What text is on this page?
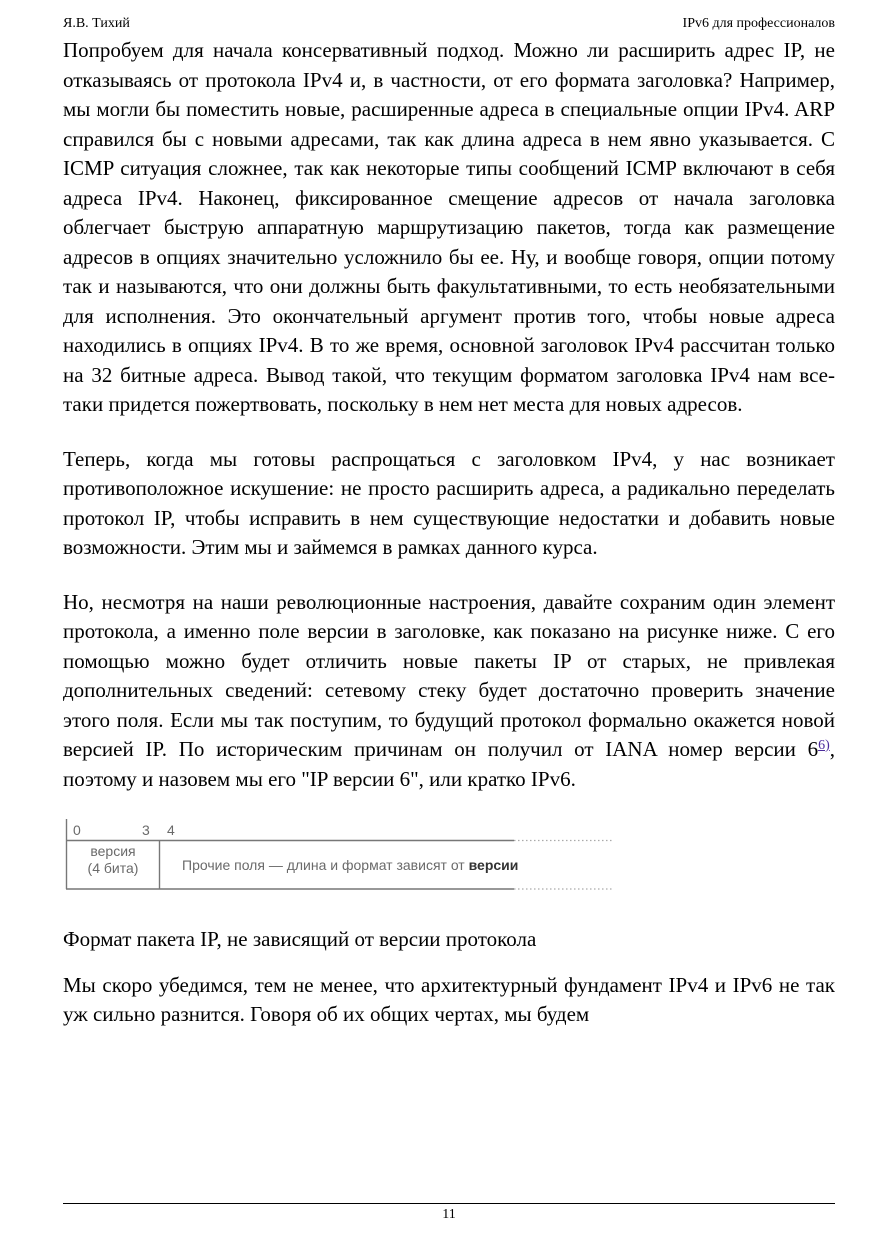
Я.В. Тихий	IPv6 для профессионалов

Попробуем для начала консервативный подход. Можно ли расширить адрес IP, не отказываясь от протокола IPv4 и, в частности, от его формата заголовка? Например, мы могли бы поместить новые, расширенные адреса в специальные опции IPv4. ARP справился бы с новыми адресами, так как длина адреса в нем явно указывается. С ICMP ситуация сложнее, так как некоторые типы сообщений ICMP включают в себя адреса IPv4. Наконец, фиксированное смещение адресов от начала заголовка облегчает быструю аппаратную маршрутизацию пакетов, тогда как размещение адресов в опциях значительно усложнило бы ее. Ну, и вообще говоря, опции потому так и называются, что они должны быть факультативными, то есть необязательными для исполнения. Это окончательный аргумент против того, чтобы новые адреса находились в опциях IPv4. В то же время, основной заголовок IPv4 рассчитан только на 32 битные адреса. Вывод такой, что текущим форматом заголовка IPv4 нам все-таки придется пожертвовать, поскольку в нем нет места для новых адресов.

Теперь, когда мы готовы распрощаться с заголовком IPv4, у нас возникает противоположное искушение: не просто расширить адреса, а радикально переделать протокол IP, чтобы исправить в нем существующие недостатки и добавить новые возможности. Этим мы и займемся в рамках данного курса.

Но, несмотря на наши революционные настроения, давайте сохраним один элемент протокола, а именно поле версии в заголовке, как показано на рисунке ниже. С его помощью можно будет отличить новые пакеты IP от старых, не привлекая дополнительных сведений: сетевому стеку будет достаточно проверить значение этого поля. Если мы так поступим, то будущий протокол формально окажется новой версией IP. По историческим причинам он получил от IANA номер версии 6$^{6)}$, поэтому и назовем мы его "IP версии 6", или кратко IPv6.

0	3 4
версия
(4 бита)	Прочие поля — длина и формат зависят от версии

Формат пакета IP, не зависящий от версии протокола

Мы скоро убедимся, тем не менее, что архитектурный фундамент IPv4 и IPv6 не так уж сильно разнится. Говоря об их общих чертах, мы будем

11
